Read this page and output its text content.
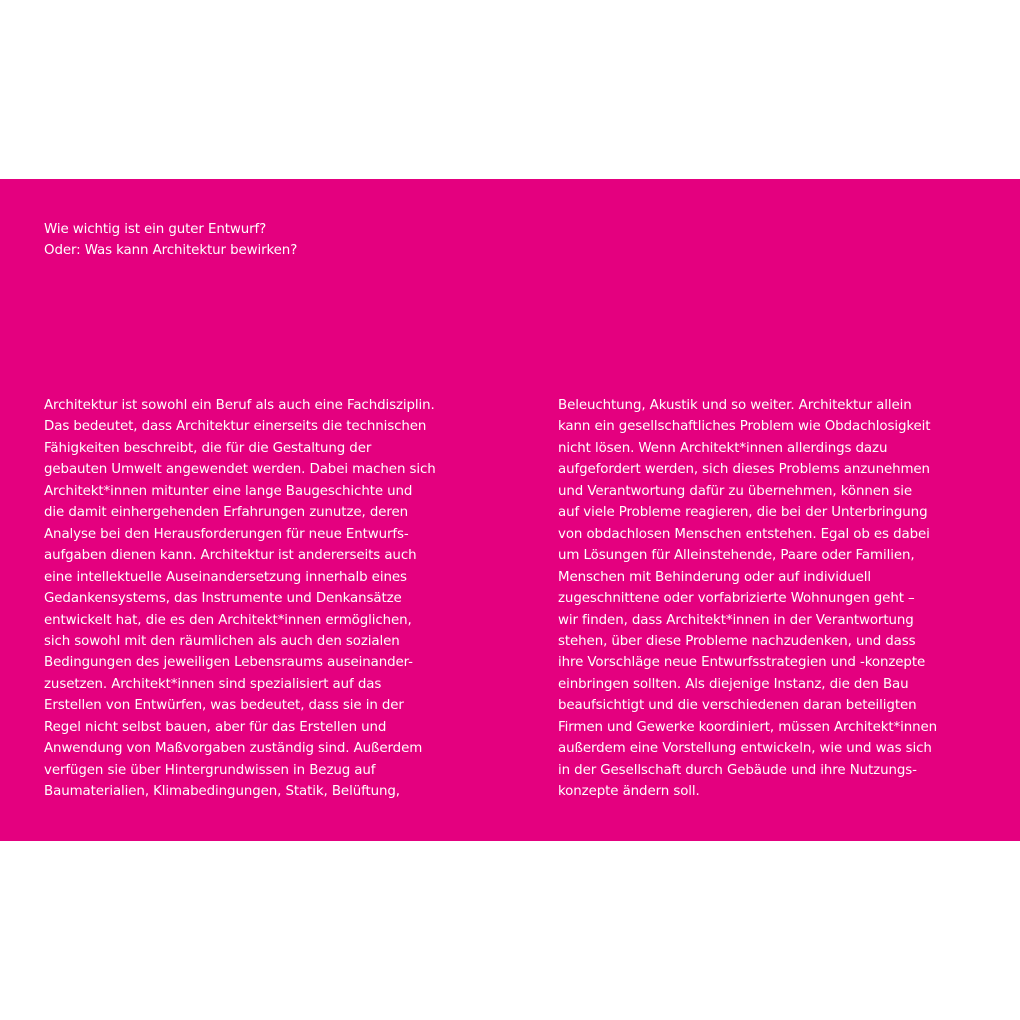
Wie wichtig ist ein guter Entwurf?
Oder: Was kann Architektur bewirken?
Architektur ist sowohl ein Beruf als auch eine Fachdisziplin.
Das bedeutet, dass Architektur einerseits die technischen
Fähigkeiten beschreibt, die für die Gestaltung der
gebauten Umwelt angewendet werden. Dabei machen sich
Architekt*innen mitunter eine lange Baugeschichte und
die damit einhergehenden Erfahrungen zunutze, deren
Analyse bei den Herausforderungen für neue Entwurfs-
aufgaben dienen kann. Architektur ist andererseits auch
eine intellektuelle Auseinandersetzung innerhalb eines
Gedankensystems, das Instrumente und Denkansätze
entwickelt hat, die es den Architekt*innen ermöglichen,
sich sowohl mit den räumlichen als auch den sozialen
Bedingungen des jeweiligen Lebensraums auseinander-
zusetzen. Architekt*innen sind spezialisiert auf das
Erstellen von Entwürfen, was bedeutet, dass sie in der
Regel nicht selbst bauen, aber für das Erstellen und
Anwendung von Maßvorgaben zuständig sind. Außerdem
verfügen sie über Hintergrundwissen in Bezug auf
Baumaterialien, Klimabedingungen, Statik, Belüftung,
Beleuchtung, Akustik und so weiter. Architektur allein
kann ein gesellschaftliches Problem wie Obdachlosigkeit
nicht lösen. Wenn Architekt*innen allerdings dazu
aufgefordert werden, sich dieses Problems anzunehmen
und Verantwortung dafür zu übernehmen, können sie
auf viele Probleme reagieren, die bei der Unterbringung
von obdachlosen Menschen entstehen. Egal ob es dabei
um Lösungen für Alleinstehende, Paare oder Familien,
Menschen mit Behinderung oder auf individuell
zugeschnittene oder vorfabrizierte Wohnungen geht –
wir finden, dass Architekt*innen in der Verantwortung
stehen, über diese Probleme nachzudenken, und dass
ihre Vorschläge neue Entwurfsstrategien und -konzepte
einbringen sollten. Als diejenige Instanz, die den Bau
beaufsichtigt und die verschiedenen daran beteiligten
Firmen und Gewerke koordiniert, müssen Architekt*innen
außerdem eine Vorstellung entwickeln, wie und was sich
in der Gesellschaft durch Gebäude und ihre Nutzungs-
konzepte ändern soll.
